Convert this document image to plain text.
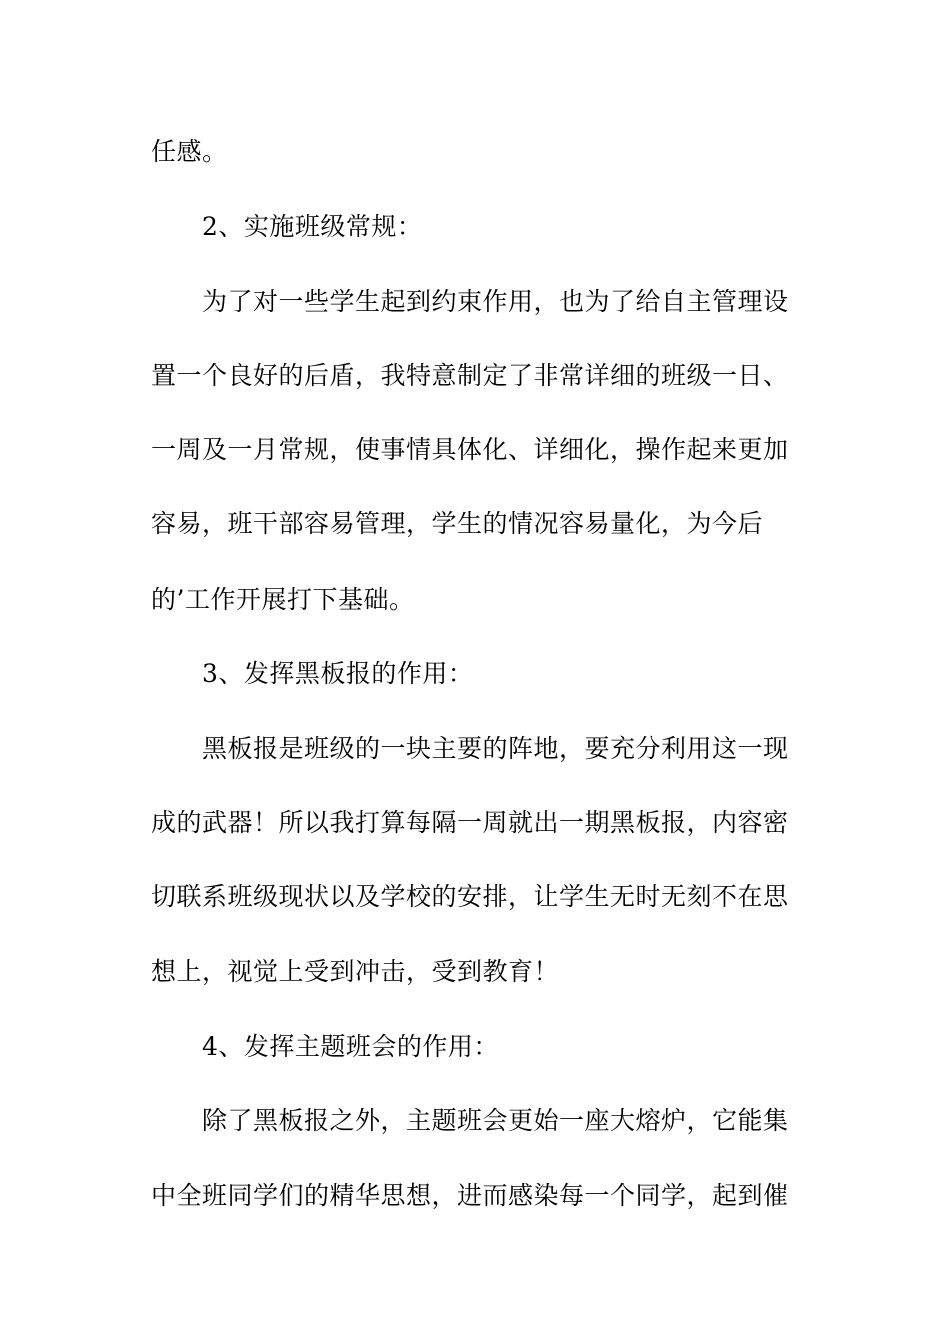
任感。
2、实施班级常规：
为了对一些学生起到约束作用，也为了给自主管理设
置一个良好的后盾，我特意制定了非常详细的班级一日、
一周及一月常规，使事情具体化、详细化，操作起来更加
容易，班干部容易管理，学生的情况容易量化，为今后
的’工作开展打下基础。
3、发挥黑板报的作用：
黑板报是班级的一块主要的阵地，要充分利用这一现
成的武器！所以我打算每隔一周就出一期黑板报，内容密
切联系班级现状以及学校的安排，让学生无时无刻不在思
想上，视觉上受到冲击，受到教育！
4、发挥主题班会的作用：
除了黑板报之外，主题班会更始一座大熔炉，它能集
中全班同学们的精华思想，进而感染每一个同学，起到催
